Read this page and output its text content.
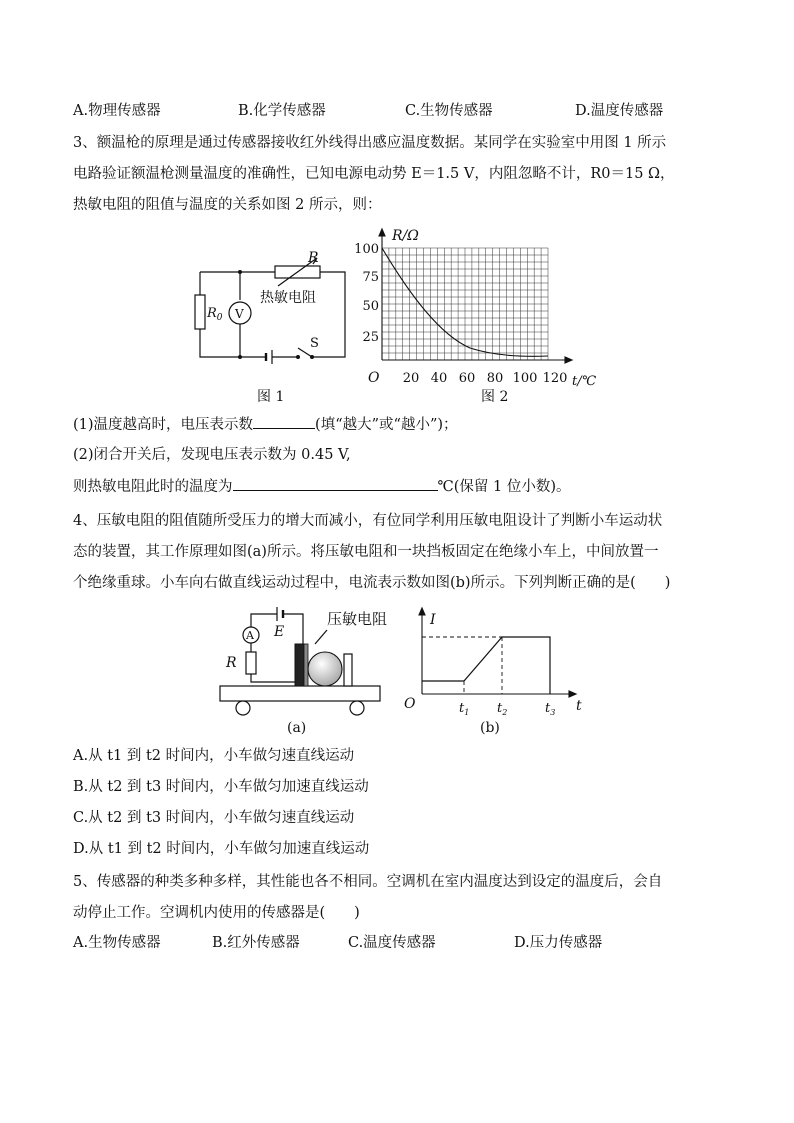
A.物理传感器	B.化学传感器	C.生物传感器	D.温度传感器
3、额温枪的原理是通过传感器接收红外线得出感应温度数据。某同学在实验室中用图 1 所示
电路验证额温枪测量温度的准确性，已知电源电动势 E＝1.5 V，内阻忽略不计，R0＝15 Ω，
热敏电阻的阻值与温度的关系如图 2 所示，则：
R
热敏电阻
$R_0$ V
S
图 1
R/Ω
t/℃
O
100
75
50
25
20 40 60 80 100 120
图 2
(1)温度越高时，电压表示数	(填“越大”或“越小”)；
(2)闭合开关后，发现电压表示数为 0.45 V,
则热敏电阻此时的温度为	℃(保留 1 位小数)。
4、压敏电阻的阻值随所受压力的增大而减小，有位同学利用压敏电阻设计了判断小车运动状
态的装置，其工作原理如图(a)所示。将压敏电阻和一块挡板固定在绝缘小车上，中间放置一
个绝缘重球。小车向右做直线运动过程中，电流表示数如图(b)所示。下列判断正确的是(　　)
A E
R
压敏电阻
(a)
I
t
O	$t_1$ $t_2$	$t_3$
(b)
A.从 t1 到 t2 时间内，小车做匀速直线运动
B.从 t2 到 t3 时间内，小车做匀加速直线运动
C.从 t2 到 t3 时间内，小车做匀速直线运动
D.从 t1 到 t2 时间内，小车做匀加速直线运动
5、传感器的种类多种多样，其性能也各不相同。空调机在室内温度达到设定的温度后，会自
动停止工作。空调机内使用的传感器是(　　)
A.生物传感器	B.红外传感器	C.温度传感器	D.压力传感器
